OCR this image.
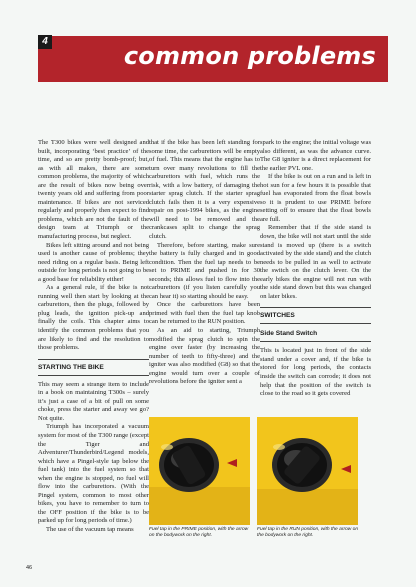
common problems
4

The T300 bikes were well designed and built, incorporating ‘best practice’ of the time, and so are pretty bomb-proof; but, as with all makes, there are some common problems, the majority of which are the result of bikes now being over twenty years old and suffering from poor maintenance. If bikes are not serviced regularly and properly then expect to find problems, which are not the fault of the design team at Triumph or the manufacturing process, but neglect.

Bikes left sitting around and not being used is another cause of problems; they need riding on a regular basis. Being left outside for long periods is not going to be a good base for reliability either!

As a general rule, if the bike is not running well then start by looking at the carburettors, then the plugs, followed by plug leads, the ignition pick-up and finally the coils. This chapter aims to identify the common problems that you are likely to find and the resolution to those problems.

STARTING THE BIKE

This may seem a strange item to include in a book on maintaining T300s – surely it’s just a case of a bit of pull on some choke, press the starter and away we go? Not quite.

Triumph has incorporated a vacuum system for most of the T300 range (except the Tiger and Adventurer/Thunderbird/Legend models, which have a Pingel-style tap below the fuel tank) into the fuel system so that when the engine is stopped, no fuel will flow into the carburettors. (With the Pingel system, common to most other bikes, you have to remember to turn to the OFF position if the bike is to be parked up for long periods of time.)

The use of the vacuum tap means

that if the bike has been left standing for some time, the carburettors will be empty of fuel. This means that the engine has to turn over many revolutions to fill the carburettors with fuel, which runs the risk, with a low battery, of damaging the starter sprag clutch. If the starter sprag clutch fails then it is a very expensive repair on post-1994 bikes, as the engine will need to be removed and the crankcases split to change the sprag clutch.

Therefore, before starting, make sure the battery is fully charged and in good condition. Then the fuel tap needs to be set to PRIME and pushed in for 30 seconds; this allows fuel to flow into the carburettors (if you listen carefully you can hear it) so starting should be easy.

Once the carburettors have been primed with fuel then the fuel tap knob can be returned to the RUN position.

As an aid to starting, Triumph modified the sprag clutch to spin the engine over faster (by increasing the number of teeth to fifty-three) and the igniter was also modified (G8) so that the engine would turn over a couple of revolutions before the igniter sent a

spark to the engine; the initial voltage was also different, as was the advance curve. The G8 igniter is a direct replacement for the earlier PVL one.

If the bike is out on a run and is left in hot sun for a few hours it is possible that fuel has evaporated from the float bowls so it is prudent to use PRIME before setting off to ensure that the float bowls are full.

Remember that if the side stand is down, the bike will not start until the side stand is moved up (there is a switch activated by the side stand) and the clutch needs to be pulled in as well to activate the switch on the clutch lever. On the early bikes the engine will not run with the side stand down but this was changed on later bikes.

SWITCHES
Side Stand Switch

This is located just in front of the side stand under a cover and, if the bike is stored for long periods, the contacts inside the switch can corrode; it does not help that the position of the switch is close to the road so it gets covered

Fuel tap in the PRIME position, with the arrow on the bodywork on the right.
Fuel tap in the RUN position, with the arrow on the bodywork on the right.
46
